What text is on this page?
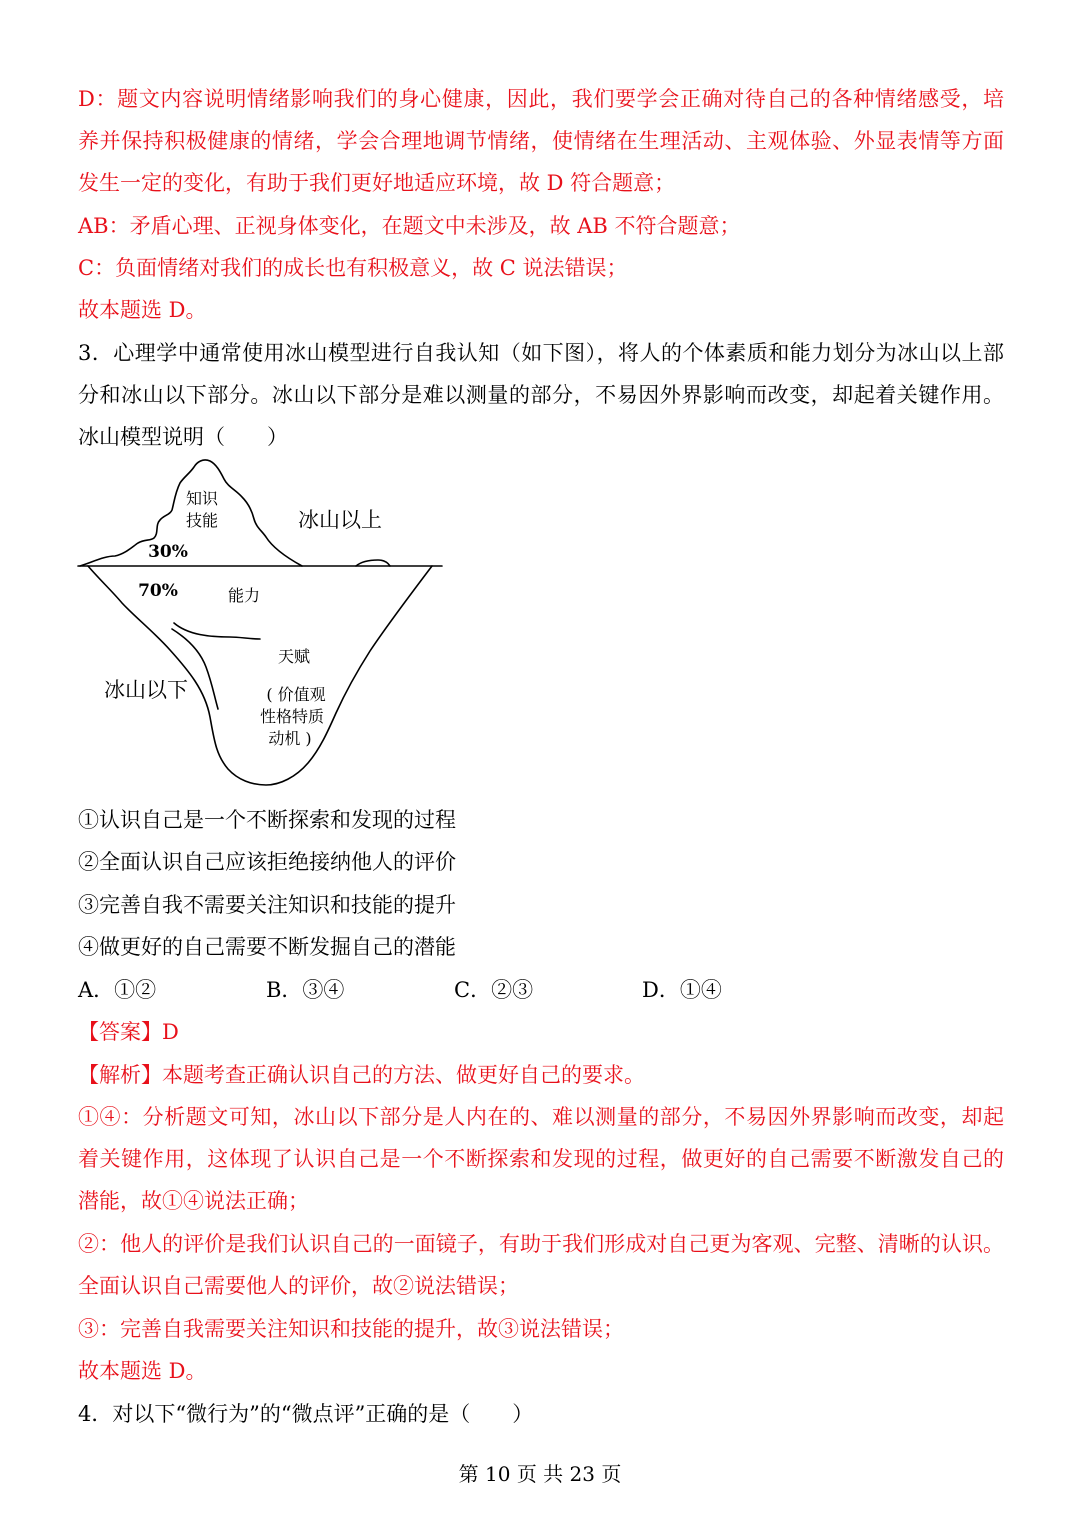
D：题文内容说明情绪影响我们的身心健康，因此，我们要学会正确对待自己的各种情绪感受，培
养并保持积极健康的情绪，学会合理地调节情绪，使情绪在生理活动、主观体验、外显表情等方面
发生一定的变化，有助于我们更好地适应环境，故 D 符合题意；
AB：矛盾心理、正视身体变化，在题文中未涉及，故 AB 不符合题意；
C：负面情绪对我们的成长也有积极意义，故 C 说法错误；
故本题选 D。
3．心理学中通常使用冰山模型进行自我认知（如下图），将人的个体素质和能力划分为冰山以上部
分和冰山以下部分。冰山以下部分是难以测量的部分，不易因外界影响而改变，却起着关键作用。
冰山模型说明（　　）
知识
技能
30%
冰山以上
70%	能力
天赋
冰山以下	( 价值观
性格特质
动机 )
①认识自己是一个不断探索和发现的过程
②全面认识自己应该拒绝接纳他人的评价
③完善自我不需要关注知识和技能的提升
④做更好的自己需要不断发掘自己的潜能
A．①②	B．③④	C．②③	D．①④
【答案】D
【解析】本题考查正确认识自己的方法、做更好自己的要求。
①④：分析题文可知，冰山以下部分是人内在的、难以测量的部分，不易因外界影响而改变，却起
着关键作用，这体现了认识自己是一个不断探索和发现的过程，做更好的自己需要不断激发自己的
潜能，故①④说法正确；
②：他人的评价是我们认识自己的一面镜子，有助于我们形成对自己更为客观、完整、清晰的认识。
全面认识自己需要他人的评价，故②说法错误；
③：完善自我需要关注知识和技能的提升，故③说法错误；
故本题选 D。
4．对以下“微行为”的“微点评”正确的是（　　）
第 10 页 共 23 页
